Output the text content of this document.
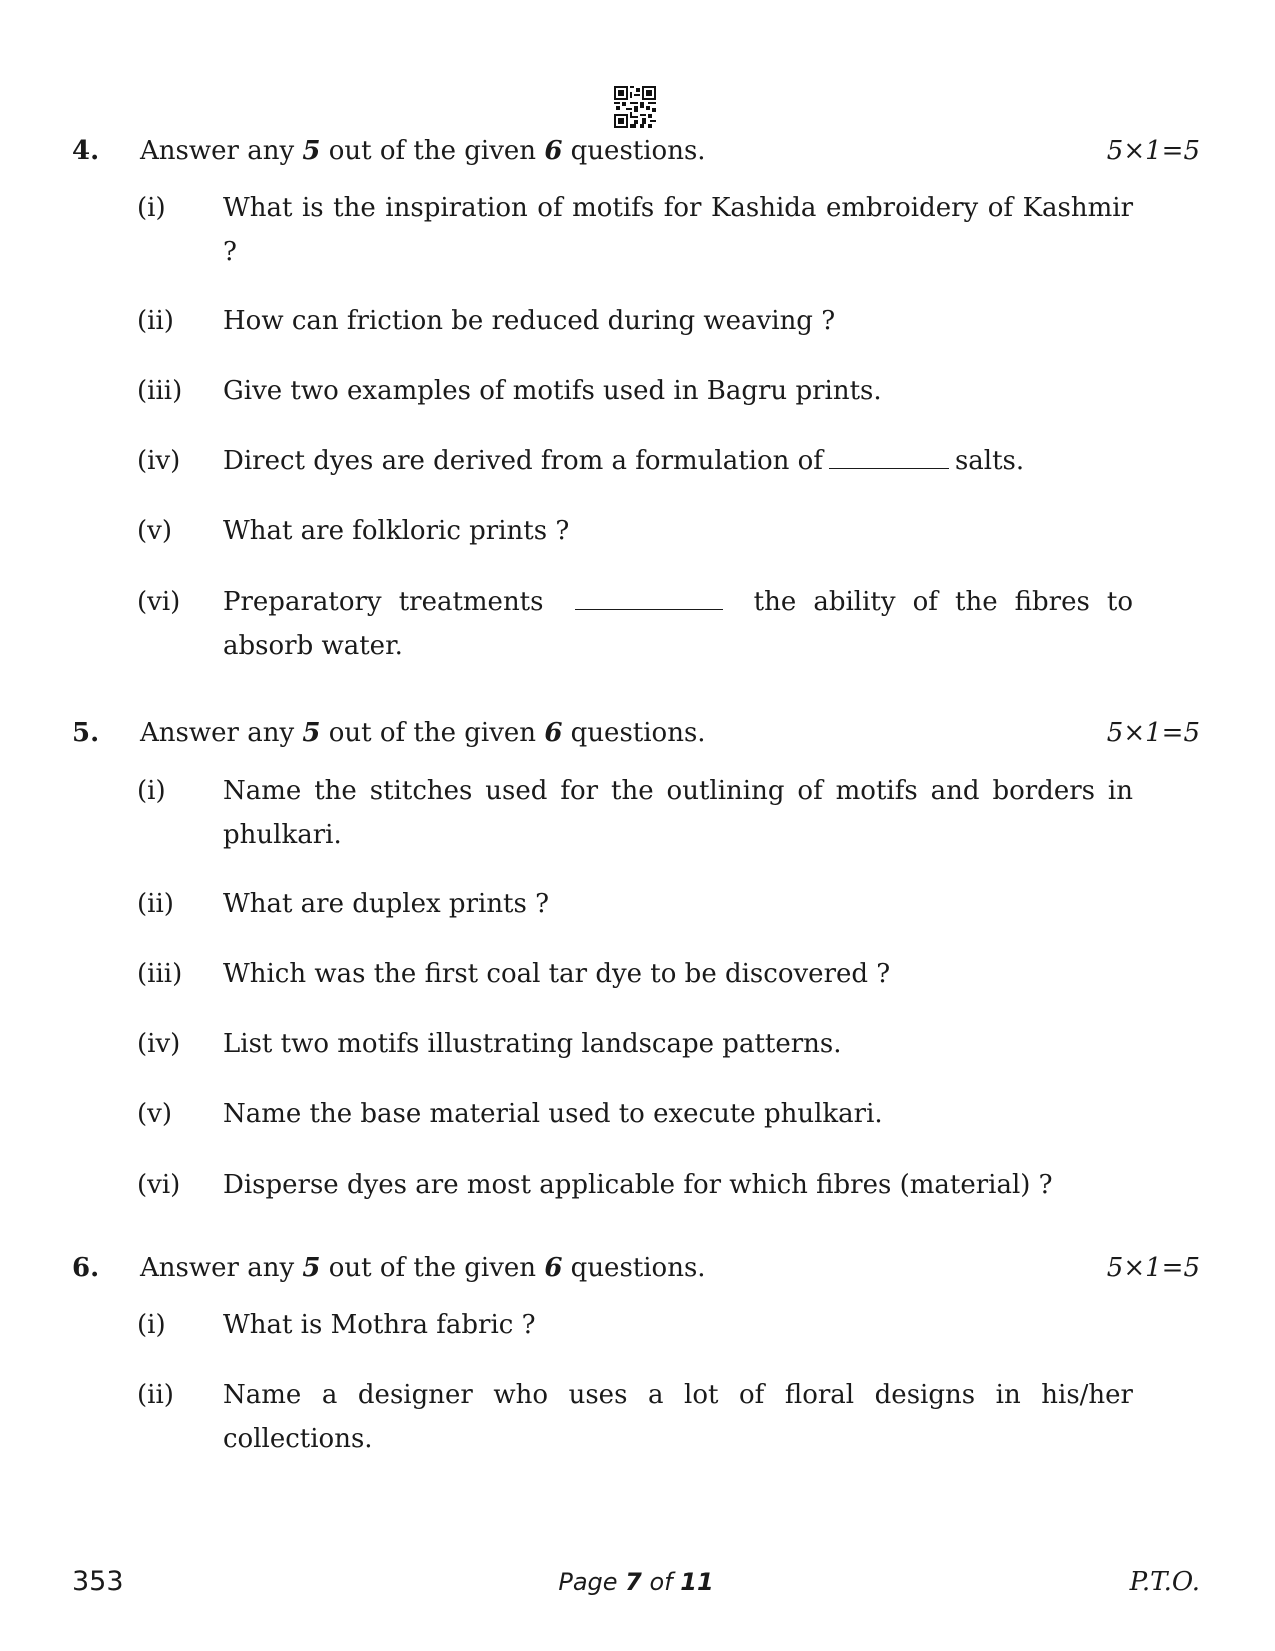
4. Answer any 5 out of the given 6 questions.	5×1=5
(i) What is the inspiration of motifs for Kashida embroidery of Kashmir ?
(ii) How can friction be reduced during weaving ?
(iii) Give two examples of motifs used in Bagru prints.
(iv) Direct dyes are derived from a formulation of	salts.
(v) What are folkloric prints ?
(vi) Preparatory treatments	the ability of the fibres to absorb water.
5. Answer any 5 out of the given 6 questions.	5×1=5
(i) Name the stitches used for the outlining of motifs and borders in phulkari.
(ii) What are duplex prints ?
(iii) Which was the first coal tar dye to be discovered ?
(iv) List two motifs illustrating landscape patterns.
(v) Name the base material used to execute phulkari.
(vi) Disperse dyes are most applicable for which fibres (material) ?
6. Answer any 5 out of the given 6 questions.	5×1=5
(i) What is Mothra fabric ?
(ii) Name a designer who uses a lot of floral designs in his/her collections.
353	Page 7 of 11	P.T.O.
